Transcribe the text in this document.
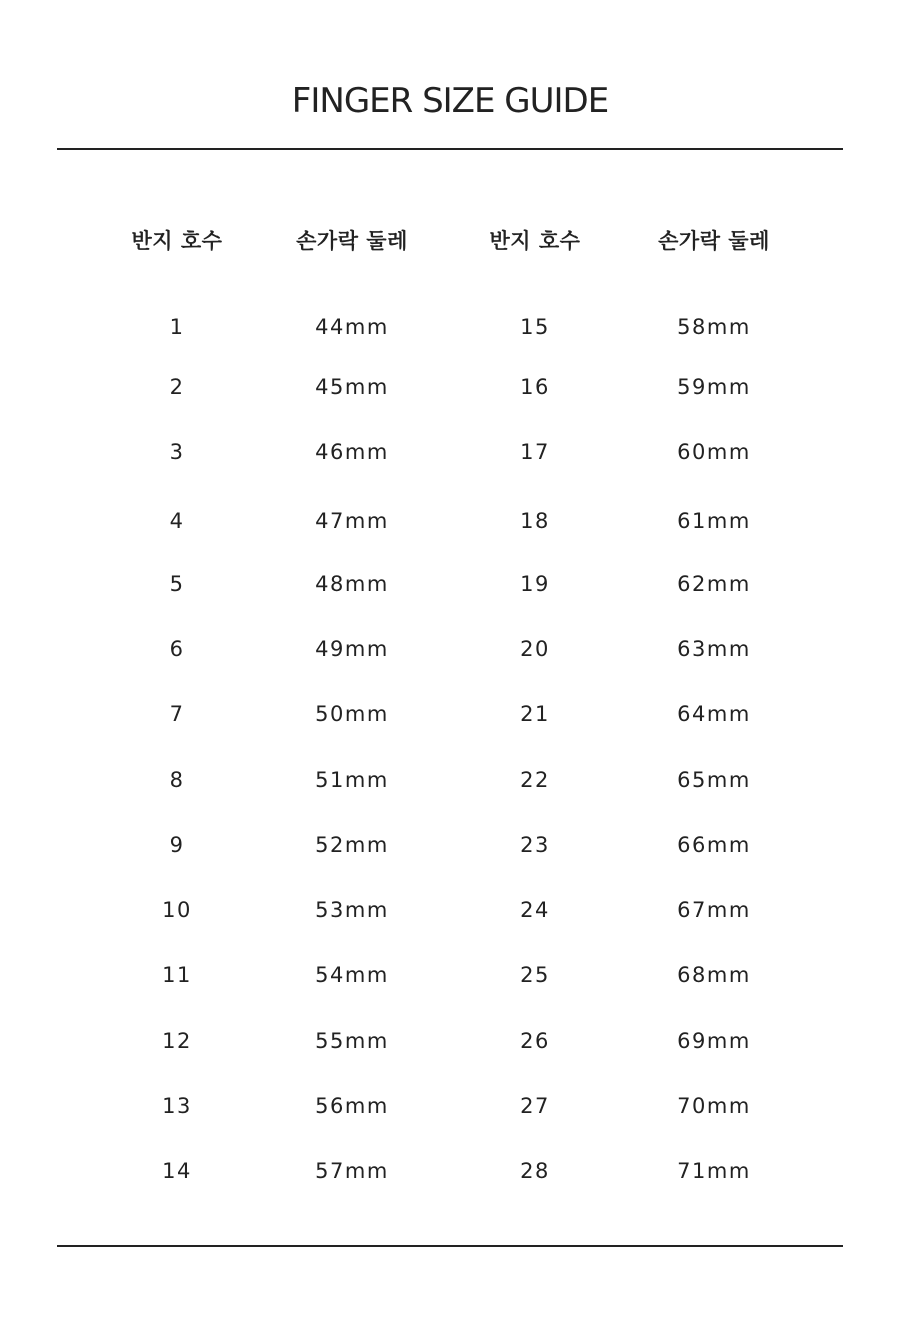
FINGER SIZE GUIDE
반지 호수	손가락 둘레	반지 호수	손가락 둘레
1	44mm	15	58mm
2	45mm	16	59mm
3	46mm	17	60mm
4	47mm	18	61mm
5	48mm	19	62mm
6	49mm	20	63mm
7	50mm	21	64mm
8	51mm	22	65mm
9	52mm	23	66mm
10	53mm	24	67mm
11	54mm	25	68mm
12	55mm	26	69mm
13	56mm	27	70mm
14	57mm	28	71mm
